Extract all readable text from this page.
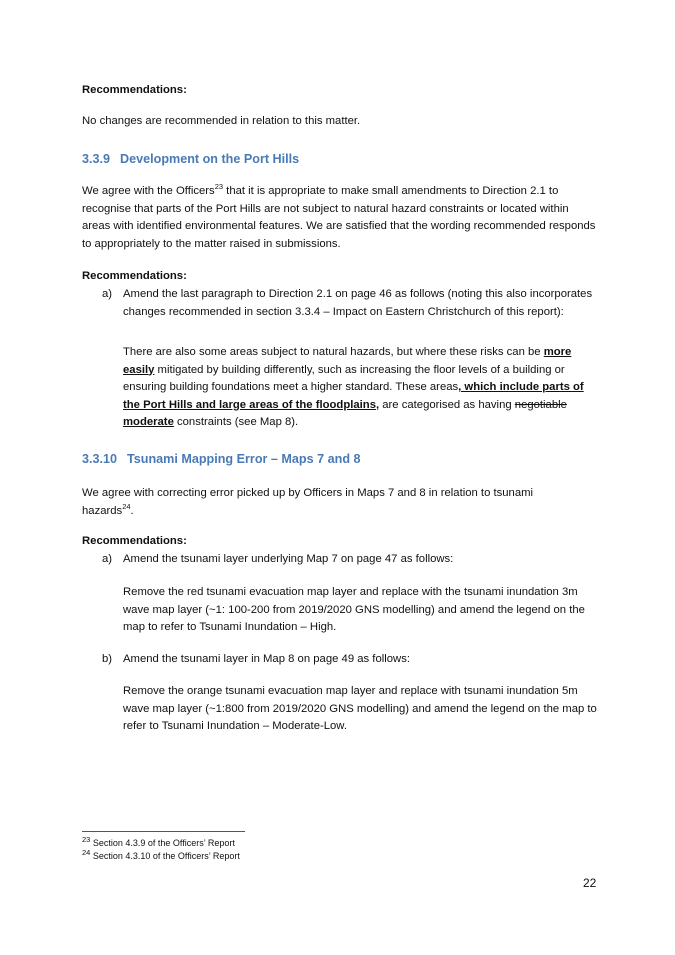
Recommendations:

No changes are recommended in relation to this matter.

3.3.9 Development on the Port Hills

We agree with the Officers$^{23}$ that it is appropriate to make small amendments to Direction 2.1 to recognise that parts of the Port Hills are not subject to natural hazard constraints or located within areas with identified environmental features. We are satisfied that the wording recommended responds to appropriately to the matter raised in submissions.

Recommendations:

a) Amend the last paragraph to Direction 2.1 on page 46 as follows (noting this also incorporates changes recommended in section 3.3.4 – Impact on Eastern Christchurch of this report):

There are also some areas subject to natural hazards, but where these risks can be more easily mitigated by building differently, such as increasing the floor levels of a building or ensuring building foundations meet a higher standard. These areas, which include parts of the Port Hills and large areas of the floodplains, are categorised as having negotiable moderate constraints (see Map 8).

3.3.10 Tsunami Mapping Error – Maps 7 and 8

We agree with correcting error picked up by Officers in Maps 7 and 8 in relation to tsunami hazards$^{24}$.

Recommendations:

a) Amend the tsunami layer underlying Map 7 on page 47 as follows:

Remove the red tsunami evacuation map layer and replace with the tsunami inundation 3m wave map layer (~1: 100-200 from 2019/2020 GNS modelling) and amend the legend on the map to refer to Tsunami Inundation – High.

b) Amend the tsunami layer in Map 8 on page 49 as follows:

Remove the orange tsunami evacuation map layer and replace with tsunami inundation 5m wave map layer (~1:800 from 2019/2020 GNS modelling) and amend the legend on the map to refer to Tsunami Inundation – Moderate-Low.

$^{23}$ Section 4.3.9 of the Officers’ Report

$^{24}$ Section 4.3.10 of the Officers’ Report

22
